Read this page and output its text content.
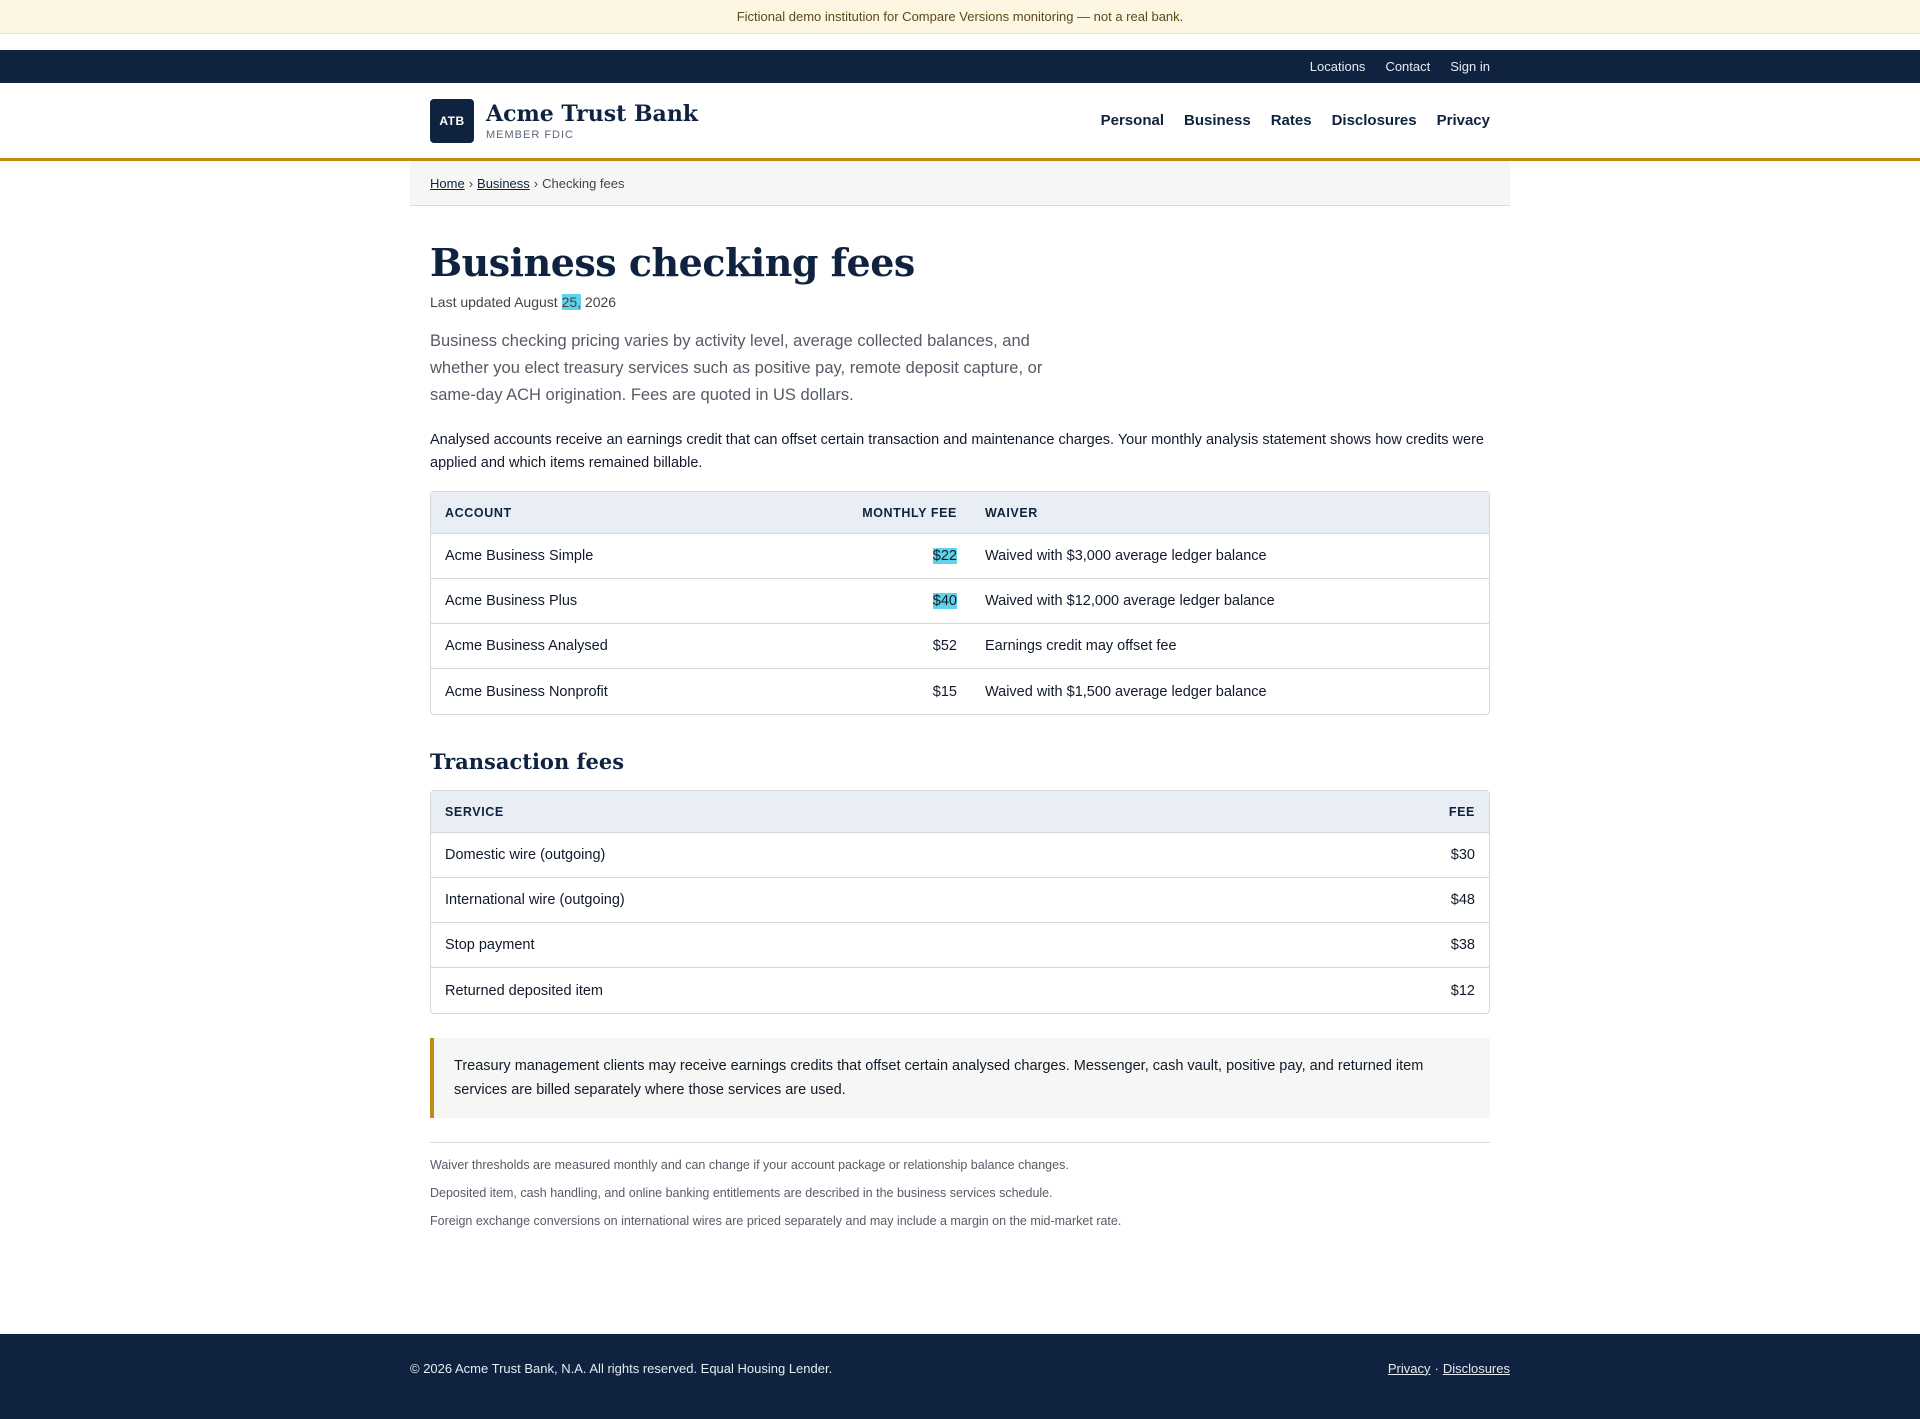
Fictional demo institution for Compare Versions monitoring — not a real bank.
Locations Contact Sign in
ATB Acme Trust Bank
MEMBER FDIC
Personal Business Rates Disclosures Privacy
Home › Business › Checking fees
Business checking fees

Last updated August 25, 2026

Business checking pricing varies by activity level, average collected balances, and whether you elect treasury services such as positive pay, remote deposit capture, or same-day ACH origination. Fees are quoted in US dollars.

Analysed accounts receive an earnings credit that can offset certain transaction and maintenance charges. Your monthly analysis statement shows how credits were applied and which items remained billable.

ACCOUNT	MONTHLY FEE	WAIVER
Acme Business Simple	$22	Waived with $3,000 average ledger balance
Acme Business Plus	$40	Waived with $12,000 average ledger balance
Acme Business Analysed	$52	Earnings credit may offset fee
Acme Business Nonprofit	$15	Waived with $1,500 average ledger balance
Transaction fees
SERVICE	FEE
Domestic wire (outgoing)	$30
International wire (outgoing)	$48
Stop payment	$38
Returned deposited item	$12
Treasury management clients may receive earnings credits that offset certain analysed charges. Messenger, cash vault, positive pay, and returned item services are billed separately where those services are used.

Waiver thresholds are measured monthly and can change if your account package or relationship balance changes.

Deposited item, cash handling, and online banking entitlements are described in the business services schedule.

Foreign exchange conversions on international wires are priced separately and may include a margin on the mid-market rate.

© 2026 Acme Trust Bank, N.A. All rights reserved. Equal Housing Lender.	Privacy · Disclosures
